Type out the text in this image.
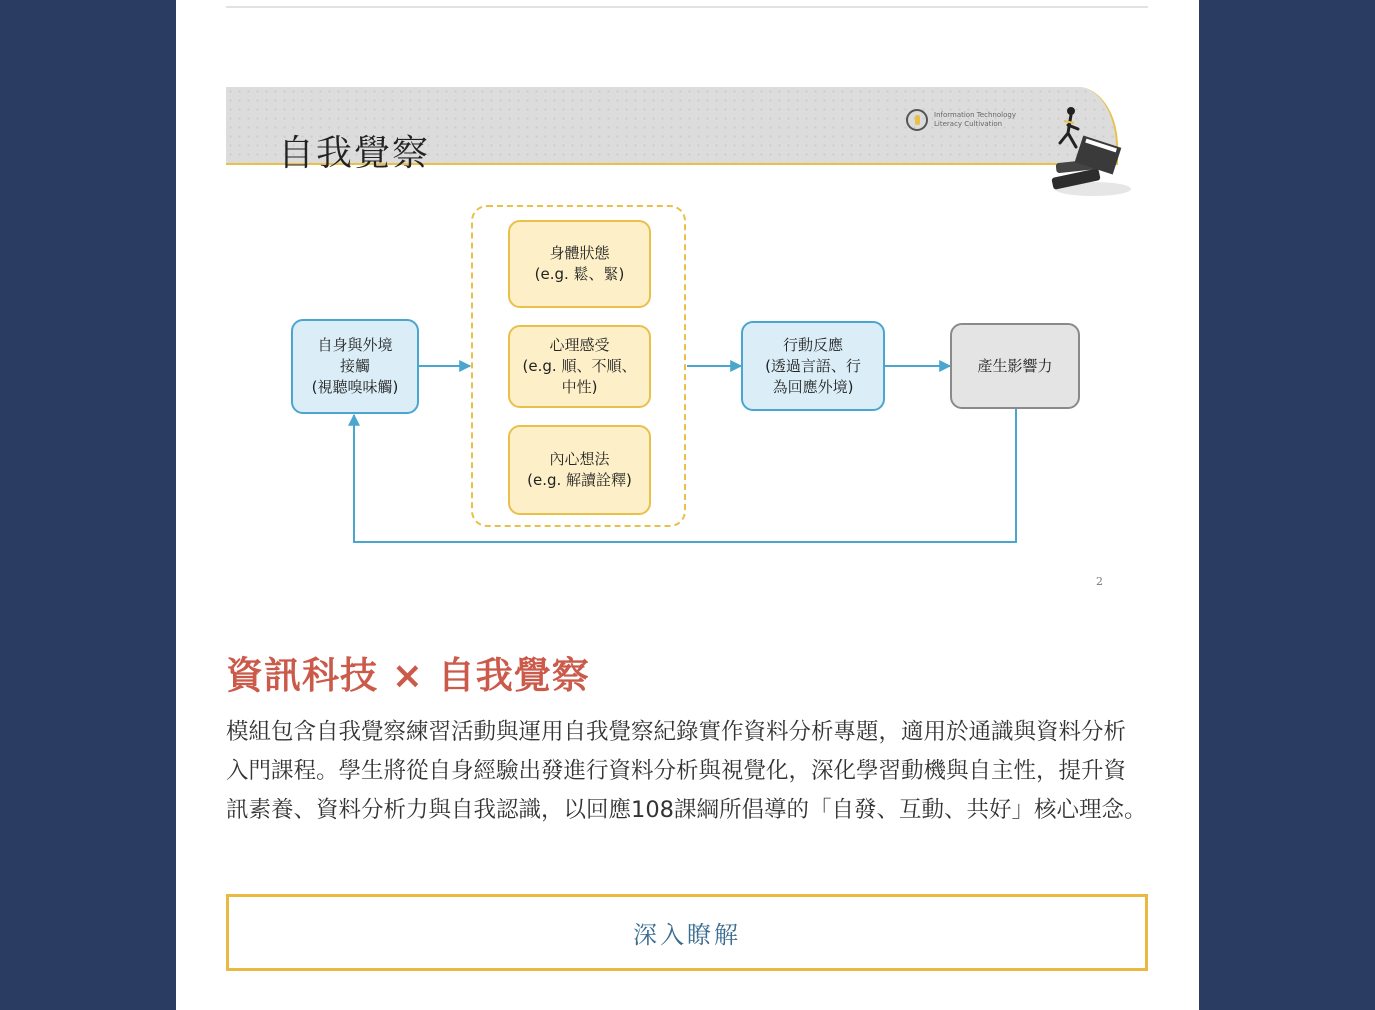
自我覺察
Information Technology Literacy Cultivation
自身與外境
接觸
(視聽嗅味觸)
身體狀態
(e.g. 鬆、緊)
心理感受
(e.g. 順、不順、
中性)
內心想法
(e.g. 解讀詮釋)
行動反應
(透過言語、行
為回應外境)
產生影響力
2
資訊科技 × 自我覺察

模組包含自我覺察練習活動與運用自我覺察紀錄實作資料分析專題，適用於通識與資料分析入門課程。學生將從自身經驗出發進行資料分析與視覺化，深化學習動機與自主性，提升資訊素養、資料分析力與自我認識，以回應108課綱所倡導的「自發、互動、共好」核心理念。

深入瞭解
